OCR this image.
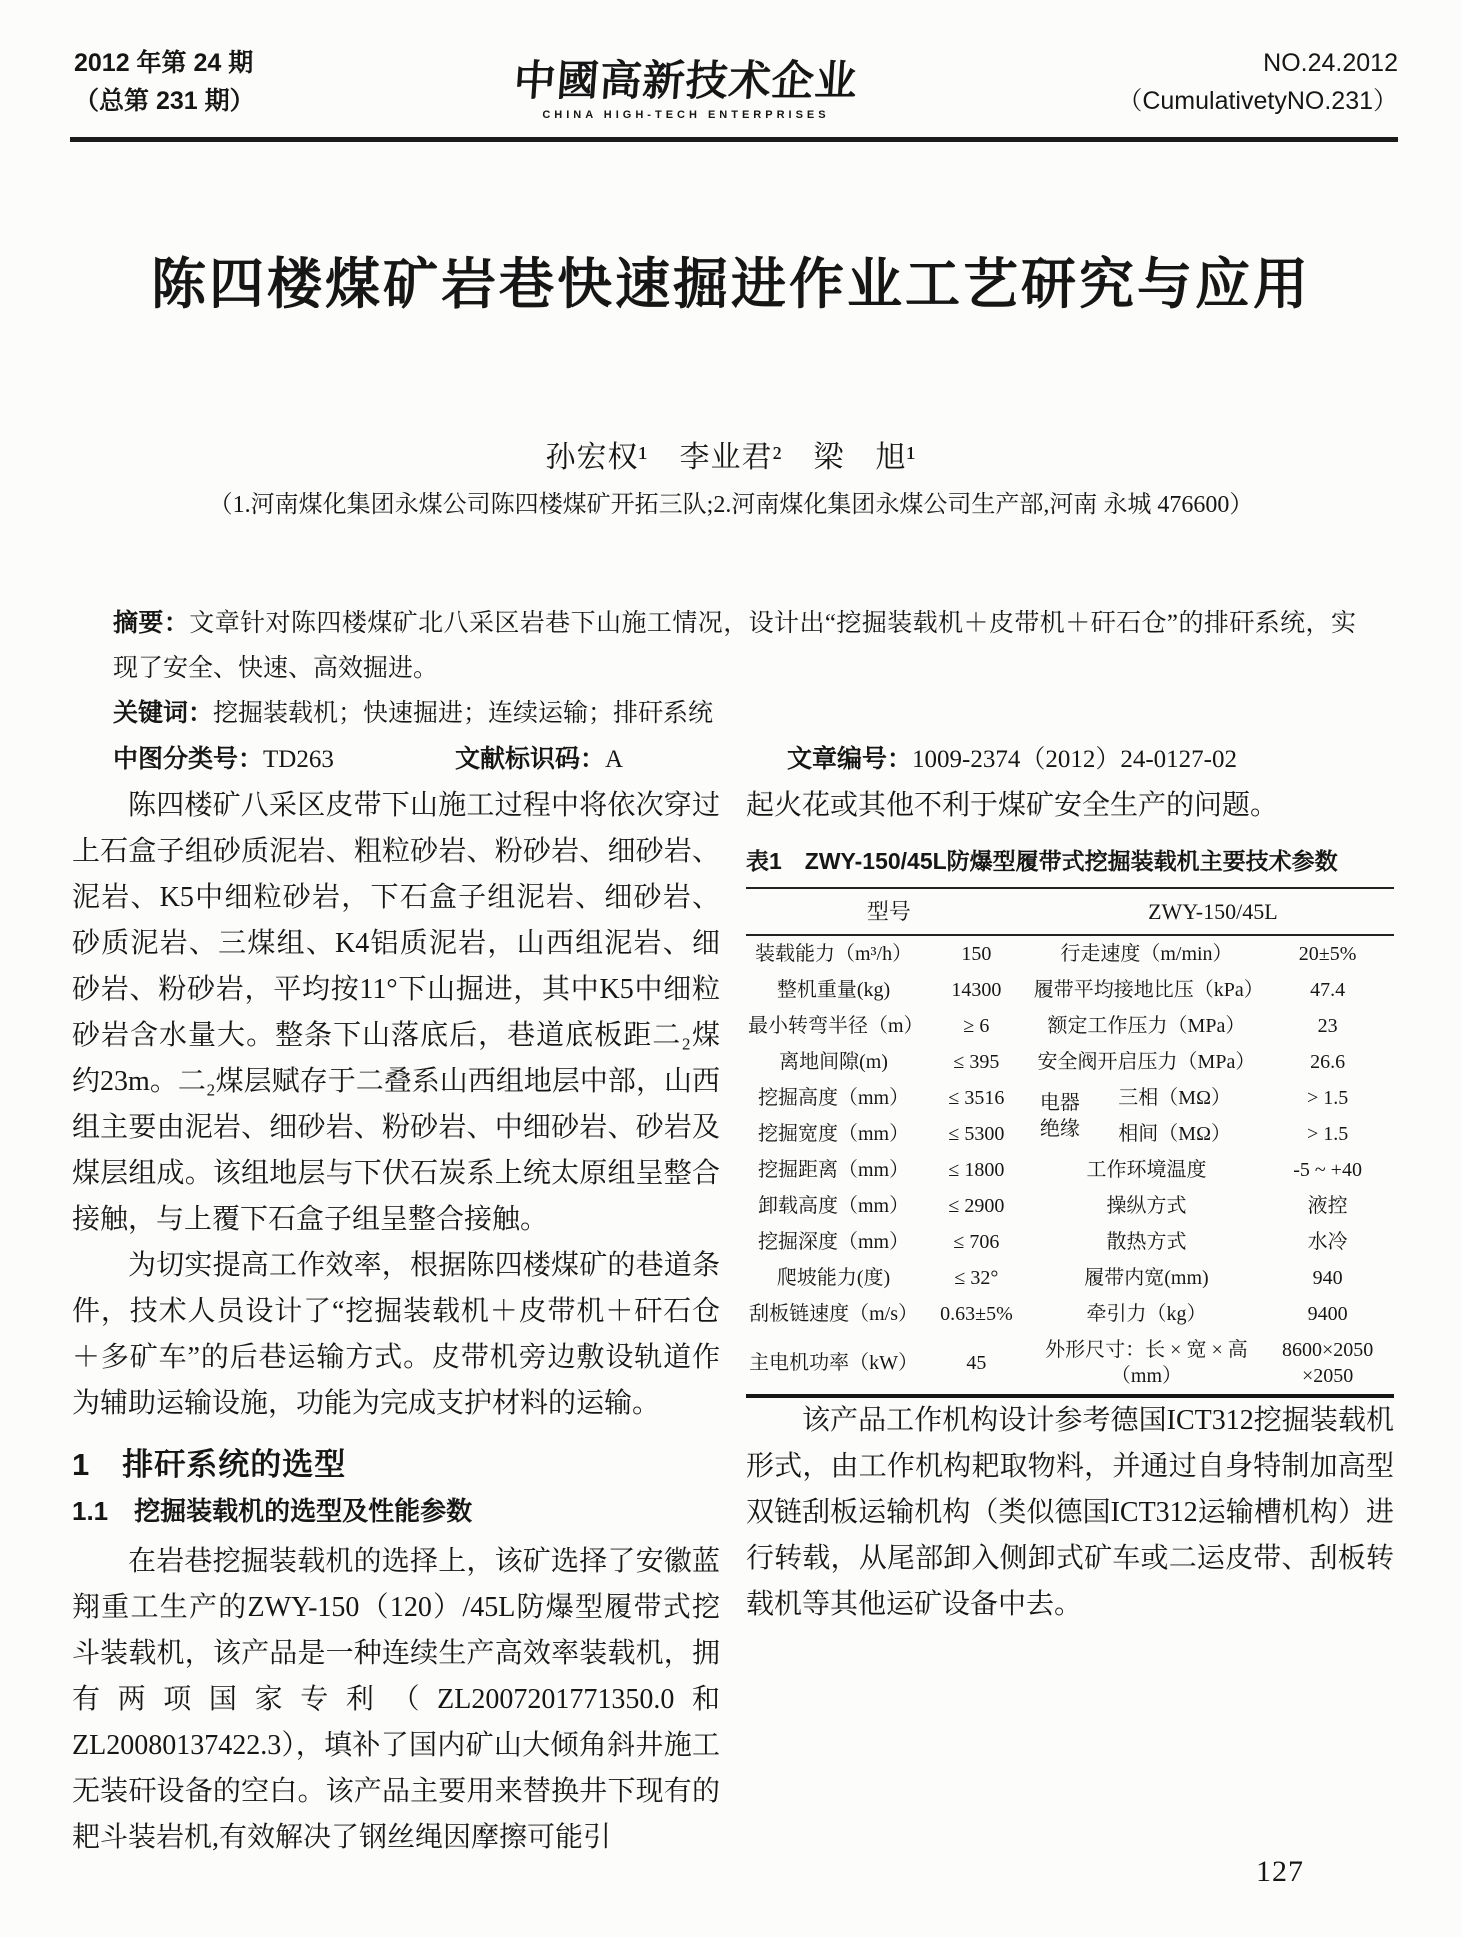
2012 年第 24 期
（总第 231 期）	中國高新技术企业
CHINA HIGH-TECH ENTERPRISES
NO.24.2012
（CumulativetyNO.231）
陈四楼煤矿岩巷快速掘进作业工艺研究与应用
孙宏权¹　李业君²　梁　旭¹
（1.河南煤化集团永煤公司陈四楼煤矿开拓三队;2.河南煤化集团永煤公司生产部,河南 永城 476600）

摘要：文章针对陈四楼煤矿北八采区岩巷下山施工情况，设计出“挖掘装载机＋皮带机＋矸石仓”的排矸系统，实现了安全、快速、高效掘进。

关键词：挖掘装载机；快速掘进；连续运输；排矸系统

中图分类号：TD263	文献标识码：A	文章编号：1009-2374（2012）24-0127-02

陈四楼矿八采区皮带下山施工过程中将依次穿过上石盒子组砂质泥岩、粗粒砂岩、粉砂岩、细砂岩、泥岩、K5中细粒砂岩，下石盒子组泥岩、细砂岩、砂质泥岩、三煤组、K4铝质泥岩，山西组泥岩、细砂岩、粉砂岩，平均按11°下山掘进，其中K5中细粒砂岩含水量大。整条下山落底后，巷道底板距二₂煤约23m。二₂煤层赋存于二叠系山西组地层中部，山西组主要由泥岩、细砂岩、粉砂岩、中细砂岩、砂岩及煤层组成。该组地层与下伏石炭系上统太原组呈整合接触，与上覆下石盒子组呈整合接触。

为切实提高工作效率，根据陈四楼煤矿的巷道条件，技术人员设计了“挖掘装载机＋皮带机＋矸石仓＋多矿车”的后巷运输方式。皮带机旁边敷设轨道作为辅助运输设施，功能为完成支护材料的运输。

1　排矸系统的选型
1.1　挖掘装载机的选型及性能参数

在岩巷挖掘装载机的选择上，该矿选择了安徽蓝翔重工生产的ZWY-150（120）/45L防爆型履带式挖斗装载机，该产品是一种连续生产高效率装载机，拥有两项国家专利（ZL2007201771350.0和ZL20080137422.3），填补了国内矿山大倾角斜井施工无装矸设备的空白。该产品主要用来替换井下现有的耙斗装岩机,有效解决了钢丝绳因摩擦可能引

起火花或其他不利于煤矿安全生产的问题。

表1　ZWY-150/45L防爆型履带式挖掘装载机主要技术参数
型号		ZWY-150/45L		
装载能力（m³/h）	150	行走速度（m/min）		20±5%
整机重量(kg)	14300	履带平均接地比压（kPa）		47.4
最小转弯半径（m）	≥ 6	额定工作压力（MPa）		23
离地间隙(m)	≤ 395	安全阀开启压力（MPa）		26.6
挖掘高度（mm）	≤ 3516	电器绝缘	三相（MΩ）	> 1.5
挖掘宽度（mm）	≤ 5300		相间（MΩ）	> 1.5
挖掘距离（mm）	≤ 1800	工作环境温度		-5 ~ +40
卸载高度（mm）	≤ 2900	操纵方式		液控
挖掘深度（mm）	≤ 706	散热方式		水冷
爬坡能力(度)	≤ 32°	履带内宽(mm)		940
刮板链速度（m/s）	0.63±5%	牵引力（kg）		9400
主电机功率（kW）	45	外形尺寸：长 × 宽 × 高（mm）		8600×2050 ×2050

该产品工作机构设计参考德国ICT312挖掘装载机形式，由工作机构耙取物料，并通过自身特制加高型双链刮板运输机构（类似德国ICT312运输槽机构）进行转载，从尾部卸入侧卸式矿车或二运皮带、刮板转载机等其他运矿设备中去。

127
